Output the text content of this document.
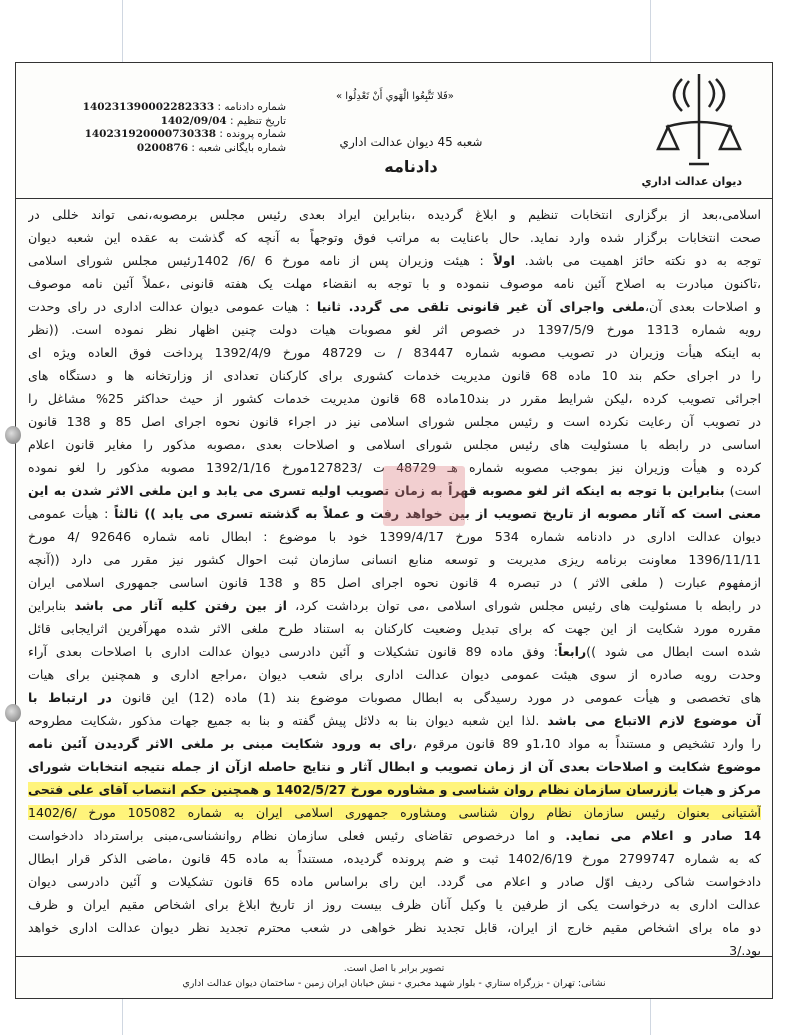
دیوان عدالت اداري
«فَلا تَتَّبِعُوا الْهَوي أَنْ تَعْدِلُوا »
شعبه 45 دیوان عدالت اداري
دادنامه
شماره دادنامه : 140231390002282333
تاریخ تنظیم : 1402/09/04
شماره پرونده : 140231920000730338
شماره بایگانی شعبه : 0200876
اسلامی،بعد از برگزاری انتخابات تنظیم و ابلاغ گردیده ،بنابراین ایراد بعدی رئیس مجلس برمصوبه،نمی تواند خللی در
صحت انتخابات برگزار شده وارد نماید. حال باعنایت به مراتب فوق وتوجهاً به آنچه که گذشت به عقده این شعبه دیوان
توجه به دو نکته حائز اهمیت می باشد. اولاً : هیئت وزیران پس از نامه مورخ 6 /6/ 1402رئیس مجلس شورای اسلامی
،تاکنون مبادرت به اصلاح آئین نامه موصوف ننموده و با توجه به انقضاء مهلت یک هفته قانونی ،عملاً آئین نامه موصوف
و اصلاحات بعدی آن،ملغی واجرای آن غیر قانونی تلقی می گردد. ثانیا : هیات عمومی دیوان عدالت اداری در رای وحدت
رویه شماره 1313 مورخ 1397/5/9 در خصوص اثر لغو مصوبات هیات دولت چنین اظهار نظر نموده است. ((نظر
به اینکه هیأت وزیران در تصویب مصوبه شماره 83447 / ت 48729 مورخ 1392/4/9 پرداخت فوق العاده ویژه ای
را در اجرای حکم بند 10 ماده 68 قانون مدیریت خدمات کشوری برای کارکنان تعدادی از وزارتخانه ها و دستگاه های
اجرائی تصویب کرده ،لیکن شرایط مقرر در بند10ماده 68 قانون مدیریت خدمات کشور از حیث حداکثر 25% مشاغل را
در تصویب آن رعایت نکرده است و رئیس مجلس شورای اسلامی نیز در اجراء قانون نحوه اجرای اصل 85 و 138 قانون
اساسی در رابطه با مسئولیت های رئیس مجلس شورای اسلامی و اصلاحات بعدی ،مصوبه مذکور را مغایر قانون اعلام
کرده و هیأت وزیران نیز بموجب مصوبه شماره هـ 48729 ت /127823مورخ 1392/1/16 مصوبه مذکور را لغو نموده
است) بنابراین با توجه به اینکه اثر لغو مصوبه قهراً به زمان تصویب اولیه تسری می یابد و این ملغی الاثر شدن به این
معنی است که آثار مصوبه از تاریخ تصویب از بین خواهد رفت و عملاً به گذشته تسری می یابد )) ثالثاً : هیأت عمومی
دیوان عدالت اداری در دادنامه شماره 534 مورخ 1399/4/17 خود با موضوع : ابطال نامه شماره 92646 /4 مورخ
1396/11/11 معاونت برنامه ریزی مدیریت و توسعه منابع انسانی سازمان ثبت احوال کشور نیز مقرر می دارد ((آنچه
ازمفهوم عبارت ( ملغی الاثر ) در تبصره 4 قانون نحوه اجرای اصل 85 و 138 قانون اساسی جمهوری اسلامی ایران
در رابطه با مسئولیت های رئیس مجلس شورای اسلامی ،می توان برداشت کرد، از بین رفتن کلیه آثار می باشد بنابراین
مقرره مورد شکایت از این جهت که برای تبدیل وضعیت کارکنان به استناد طرح ملغی الاثر شده مهرآفرین اثرایجابی قائل
شده است ابطال می شود ))رابعاً: وفق ماده 89 قانون تشکیلات و آئین دادرسی دیوان عدالت اداری با اصلاحات بعدی آراء
وحدت رویه صادره از سوی هیئت عمومی دیوان عدالت اداری برای شعب دیوان ،مراجع اداری و همچنین برای هیات
های تخصصی و هیأت عمومی در مورد رسیدگی به ابطال مصوبات موضوع بند (1) ماده (12) این قانون در ارتباط با
آن موضوع لازم الاتباع می باشد .لذا این شعبه دیوان بنا به دلائل پیش گفته و بنا به جمیع جهات مذکور ،شکایت مطروحه
را وارد تشخیص و مستنداً به مواد 1،10و 89 قانون مرقوم ،رای به ورود شکایت مبنی بر ملغی الاثر گردیدن آئین نامه
موضوع شکایت و اصلاحات بعدی آن از زمان تصویب و ابطال آثار و نتایج حاصله ازآن از جمله نتیجه انتخابات شورای
مرکز و هیات بازرسان سازمان نظام روان شناسی و مشاوره مورخ 1402/5/27 و همچنین حکم انتصاب آقای علی فتحی
آشتیانی بعنوان رئیس سازمان نظام روان شناسی ومشاوره جمهوری اسلامی ایران به شماره 105082 مورخ /1402/6
14 صادر و اعلام می نماید. و اما درخصوص تقاضای رئیس فعلی سازمان نظام روانشناسی،مبنی براسترداد دادخواست
که به شماره 2799747 مورخ 1402/6/19 ثبت و ضم پرونده گردیده، مستنداً به ماده 45 قانون ،ماضی الذکر قرار ابطال
دادخواست شاکی ردیف اوّل صادر و اعلام می گردد. این رای براساس ماده 65 قانون تشکیلات و آئین دادرسی دیوان
عدالت اداری به درخواست یکی از طرفین یا وکیل آنان ظرف بیست روز از تاریخ ابلاغ برای اشخاص مقیم ایران و ظرف
دو ماه برای اشخاص مقیم خارج از ایران، قابل تجدید نظر خواهی در شعب محترم تجدید نظر دیوان عدالت اداری خواهد
بود./3
تصویر برابر با اصل است.
نشانی: تهران - بزرگراه ستاري - بلوار شهيد مخبري - نبش خيابان ايران زمين - ساختمان ديوان عدالت اداري
